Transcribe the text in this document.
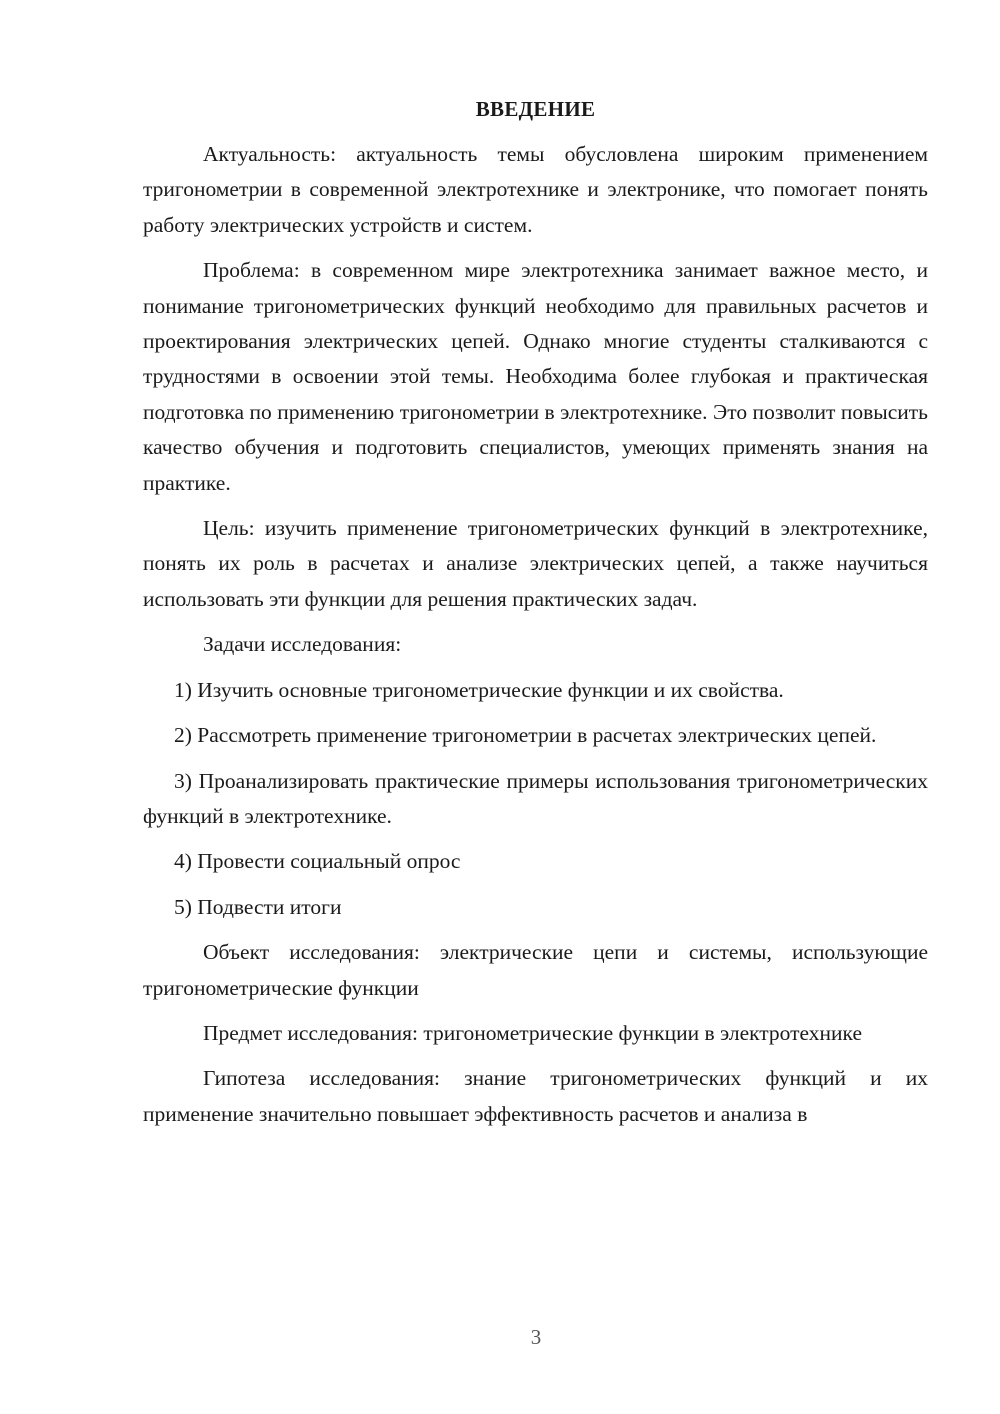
ВВЕДЕНИЕ

Актуальность: актуальность темы обусловлена широким применением тригонометрии в современной электротехнике и электронике, что помогает понять работу электрических устройств и систем.

Проблема: в современном мире электротехника занимает важное место, и понимание тригонометрических функций необходимо для правильных расчетов и проектирования электрических цепей. Однако многие студенты сталкиваются с трудностями в освоении этой темы. Необходима более глубокая и практическая подготовка по применению тригонометрии в электротехнике. Это позволит повысить качество обучения и подготовить специалистов, умеющих применять знания на практике.

Цель: изучить применение тригонометрических функций в электротехнике, понять их роль в расчетах и анализе электрических цепей, а также научиться использовать эти функции для решения практических задач.

Задачи исследования:

1) Изучить основные тригонометрические функции и их свойства.

2) Рассмотреть применение тригонометрии в расчетах электрических цепей.

3) Проанализировать практические примеры использования тригонометрических функций в электротехнике.

4) Провести социальный опрос

5) Подвести итоги

Объект исследования: электрические цепи и системы, использующие тригонометрические функции

Предмет исследования: тригонометрические функции в электротехнике

Гипотеза исследования: знание тригонометрических функций и их применение значительно повышает эффективность расчетов и анализа в

3
